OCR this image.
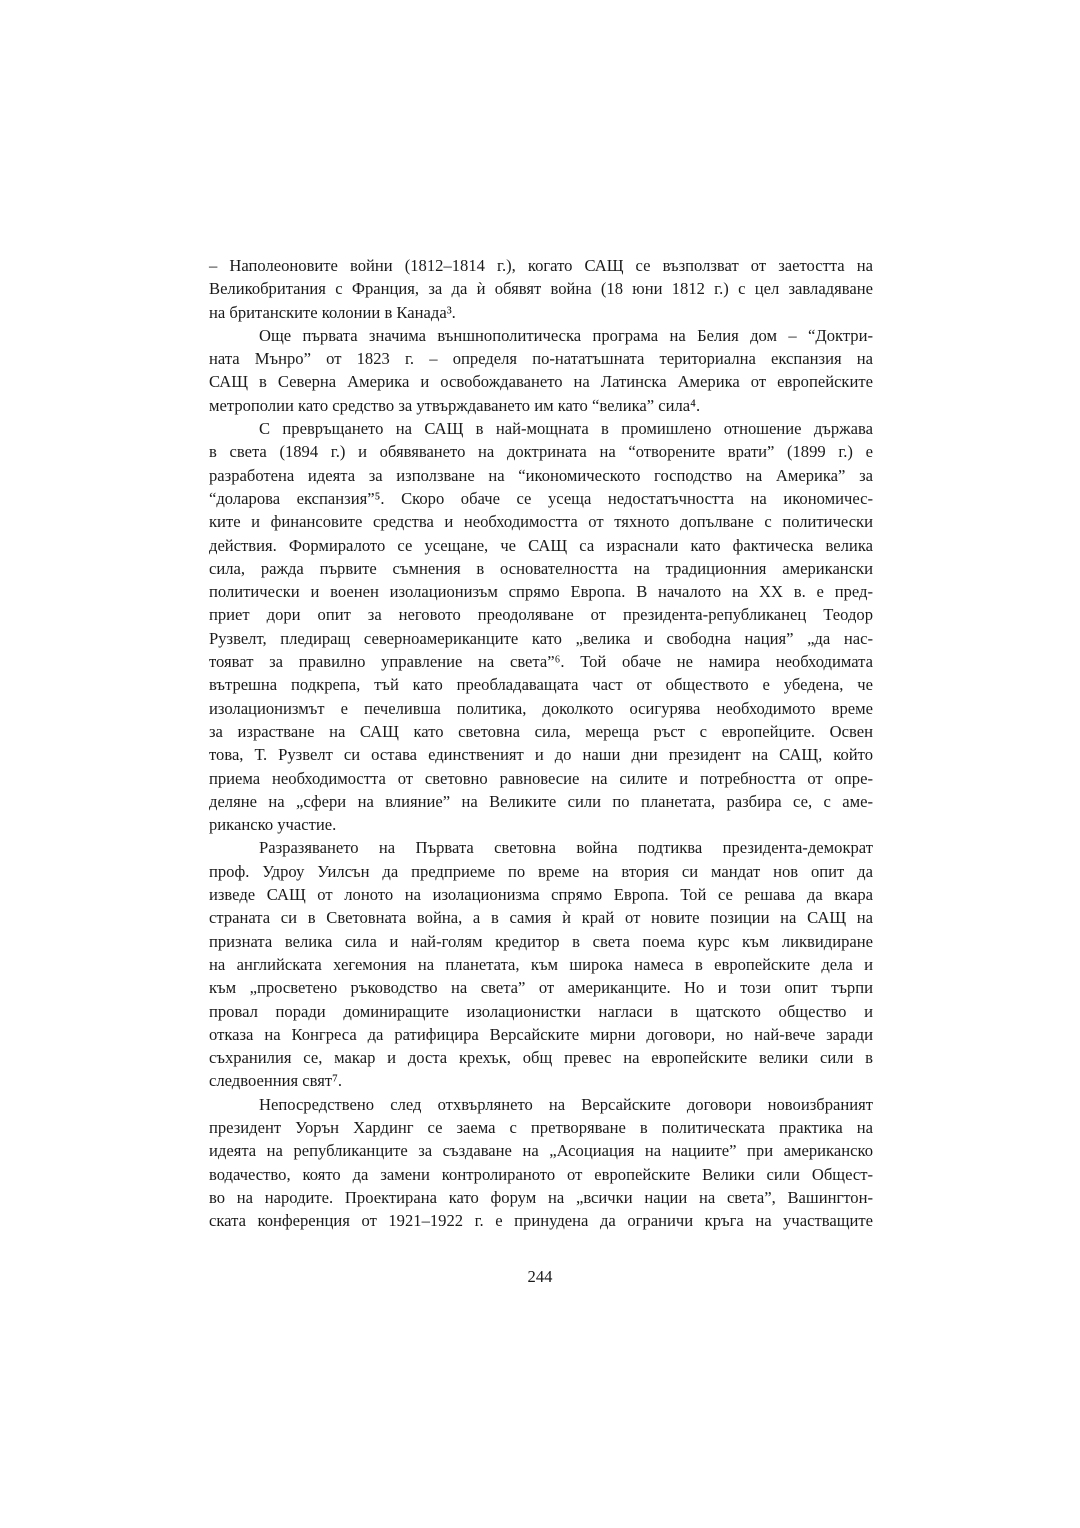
– Наполеоновите войни (1812–1814 г.), когато САЩ се възползват от заетостта на
Великобритания с Франция, за да ѝ обявят война (18 юни 1812 г.) с цел завладяване
на британските колонии в Канада³.
Още първата значима външнополитическа програма на Белия дом – “Доктри-
ната Мънро” от 1823 г. – определя по-нататъшната териториална експанзия на
САЩ в Северна Америка и освобождаването на Латинска Америка от европейските
метрополии като средство за утвърждаването им като “велика” сила⁴.
С превръщането на САЩ в най-мощната в промишлено отношение държава
в света (1894 г.) и обявяването на доктрината на “отворените врати” (1899 г.) е
разработена идеята за използване на “икономическото господство на Америка” за
“доларова експанзия”⁵. Скоро обаче се усеща недостатъчността на икономичес-
ките и финансовите средства и необходимостта от тяхното допълване с политически
действия. Формиралото се усещане, че САЩ са израснали като фактическа велика
сила, ражда първите съмнения в основателността на традиционния американски
политически и военен изолационизъм спрямо Европа. В началото на ХХ в. е пред-
приет дори опит за неговото преодоляване от президента-републиканец Теодор
Рузвелт, пледиращ северноамериканците като „велика и свободна нация” „да нас-
тояват за правилно управление на света”⁶. Той обаче не намира необходимата
вътрешна подкрепа, тъй като преобладаващата част от обществото е убедена, че
изолационизмът е печеливша политика, доколкото осигурява необходимото време
за израстване на САЩ като световна сила, мереща ръст с европейците. Освен
това, Т. Рузвелт си остава единственият и до наши дни президент на САЩ, който
приема необходимостта от световно равновесие на силите и потребността от опре-
деляне на „сфери на влияние” на Великите сили по планетата, разбира се, с аме-
риканско участие.
Разразяването на Първата световна война подтиква президента-демократ
проф. Удроу Уилсън да предприеме по време на втория си мандат нов опит да
изведе САЩ от лоното на изолационизма спрямо Европа. Той се решава да вкара
страната си в Световната война, а в самия ѝ край от новите позиции на САЩ на
призната велика сила и най-голям кредитор в света поема курс към ликвидиране
на английската хегемония на планетата, към широка намеса в европейските дела и
към „просветено ръководство на света” от американците. Но и този опит търпи
провал поради доминиращите изолационистки нагласи в щатското общество и
отказа на Конгреса да ратифицира Версайските мирни договори, но най-вече заради
съхранилия се, макар и доста крехък, общ превес на европейските велики сили в
следвоенния свят⁷.
Непосредствено след отхвърлянето на Версайските договори новоизбраният
президент Уорън Хардинг се заема с претворяване в политическата практика на
идеята на републиканците за създаване на „Асоциация на нациите” при американско
водачество, която да замени контролираното от европейските Велики сили Общест-
во на народите. Проектирана като форум на „всички нации на света”, Вашингтон-
ската конференция от 1921–1922 г. е принудена да ограничи кръга на участващите
244
